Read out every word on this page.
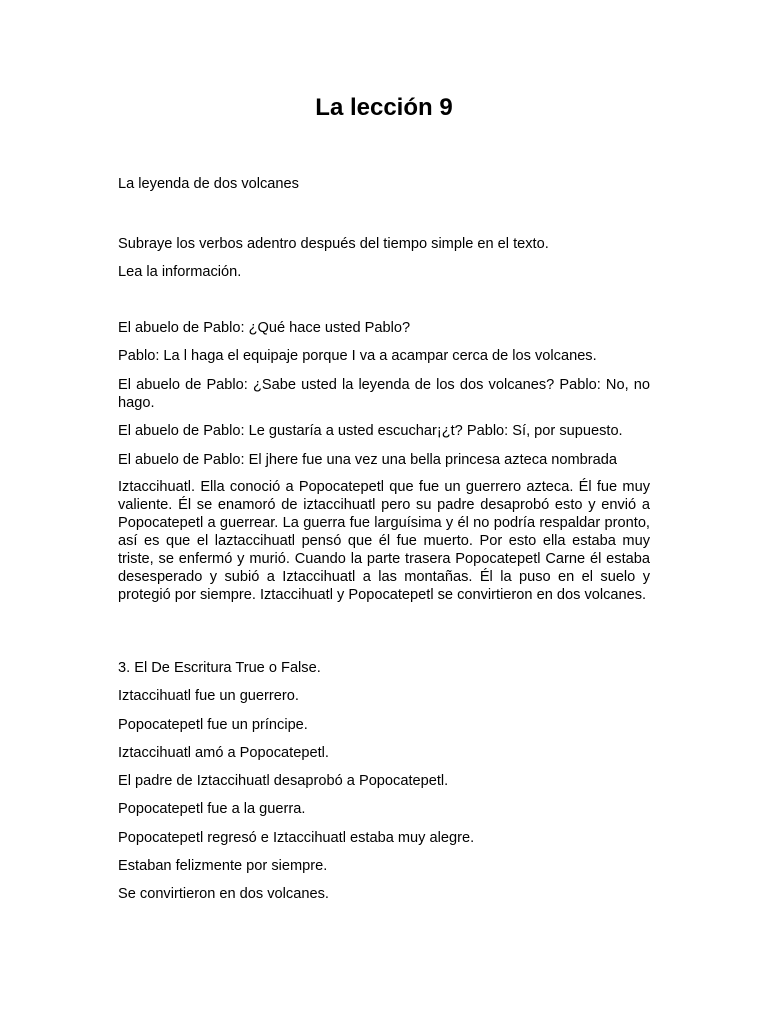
La lección 9

La leyenda de dos volcanes

Subraye los verbos adentro después del tiempo simple en el texto.

Lea la información.

El abuelo de Pablo: ¿Qué hace usted Pablo?

Pablo: La l haga el equipaje porque I va a acampar cerca de los volcanes.

El abuelo de Pablo: ¿Sabe usted la leyenda de los dos volcanes? Pablo: No, no hago.

El abuelo de Pablo: Le gustaría a usted escuchar¡¿t? Pablo: Sí, por supuesto.

El abuelo de Pablo: El jhere fue una vez una bella princesa azteca nombrada

Iztaccihuatl. Ella conoció a Popocatepetl que fue un guerrero azteca. Él fue muy valiente. Él se enamoró de iztaccihuatl pero su padre desaprobó esto y envió a Popocatepetl a guerrear. La guerra fue larguísima y él no podría respaldar pronto, así es que el laztaccihuatl pensó que él fue muerto. Por esto ella estaba muy triste, se enfermó y murió. Cuando la parte trasera Popocatepetl Carne él estaba desesperado y subió a Iztaccihuatl a las montañas. Él la puso en el suelo y protegió por siempre. Iztaccihuatl y Popocatepetl se convirtieron en dos volcanes.

3. El De Escritura True o False.

Iztaccihuatl fue un guerrero.

Popocatepetl fue un príncipe.

Iztaccihuatl amó a Popocatepetl.

El padre de Iztaccihuatl desaprobó a Popocatepetl.

Popocatepetl fue a la guerra.

Popocatepetl regresó e Iztaccihuatl estaba muy alegre.

Estaban felizmente por siempre.

Se convirtieron en dos volcanes.
